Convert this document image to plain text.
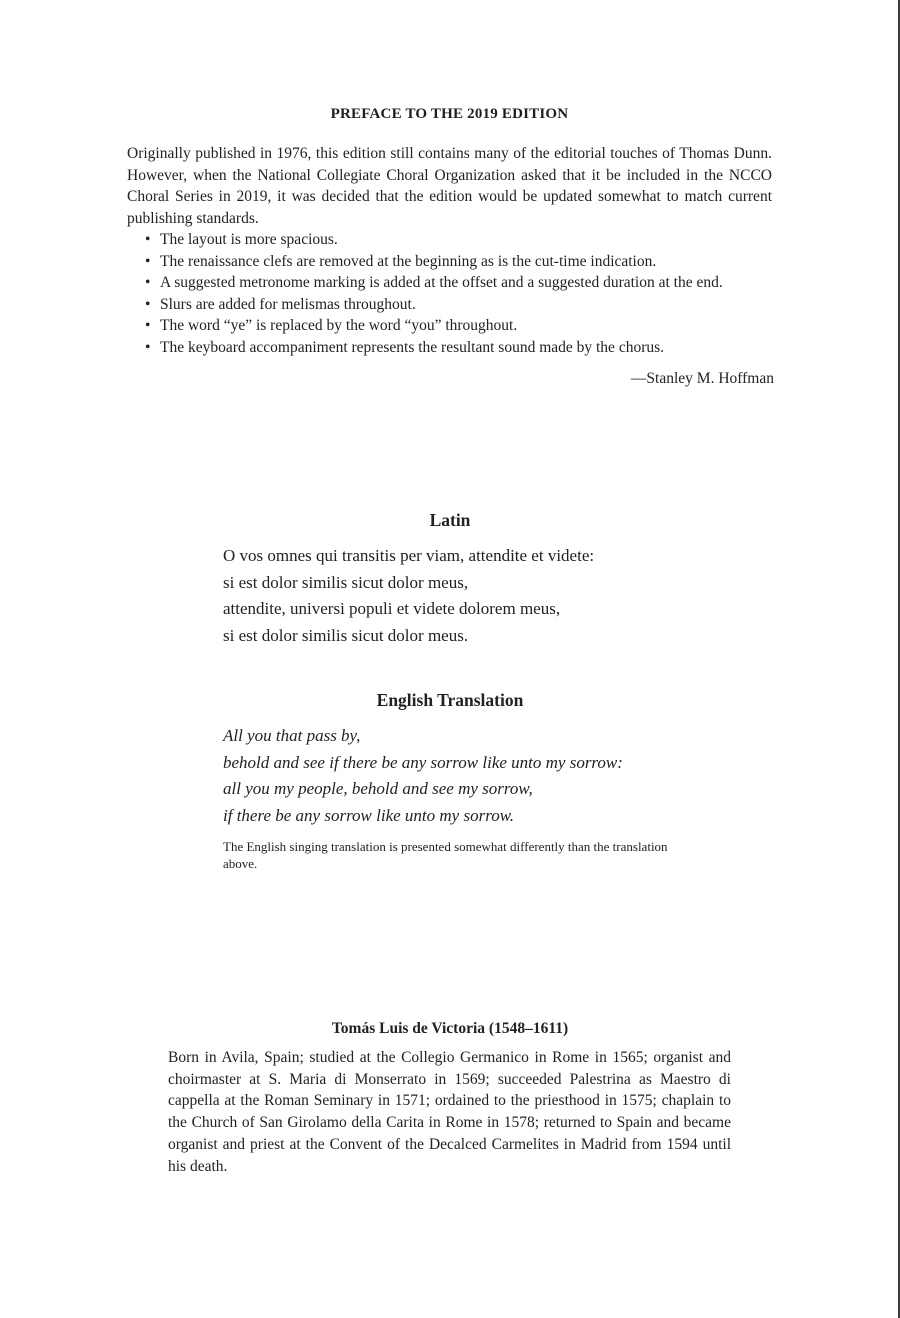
PREFACE TO THE 2019 EDITION

Originally published in 1976, this edition still contains many of the editorial touches of Thomas Dunn. However, when the National Collegiate Choral Organization asked that it be included in the NCCO Choral Series in 2019, it was decided that the edition would be updated somewhat to match current publishing standards.

• The layout is more spacious.
• The renaissance clefs are removed at the beginning as is the cut-time indication.
• A suggested metronome marking is added at the offset and a suggested duration at the end.
• Slurs are added for melismas throughout.
• The word “ye” is replaced by the word “you” throughout.
• The keyboard accompaniment represents the resultant sound made by the chorus.
—Stanley M. Hoffman
Latin
O vos omnes qui transitis per viam, attendite et videte:
si est dolor similis sicut dolor meus,
attendite, universi populi et videte dolorem meus,
si est dolor similis sicut dolor meus.
English Translation
All you that pass by,
behold and see if there be any sorrow like unto my sorrow:
all you my people, behold and see my sorrow,
if there be any sorrow like unto my sorrow.
The English singing translation is presented somewhat differently than the translation above.
Tomás Luis de Victoria (1548–1611)

Born in Avila, Spain; studied at the Collegio Germanico in Rome in 1565; organist and choirmaster at S. Maria di Monserrato in 1569; succeeded Palestrina as Maestro di cappella at the Roman Seminary in 1571; ordained to the priesthood in 1575; chaplain to the Church of San Girolamo della Carita in Rome in 1578; returned to Spain and became organist and priest at the Convent of the Decalced Carmelites in Madrid from 1594 until his death.
